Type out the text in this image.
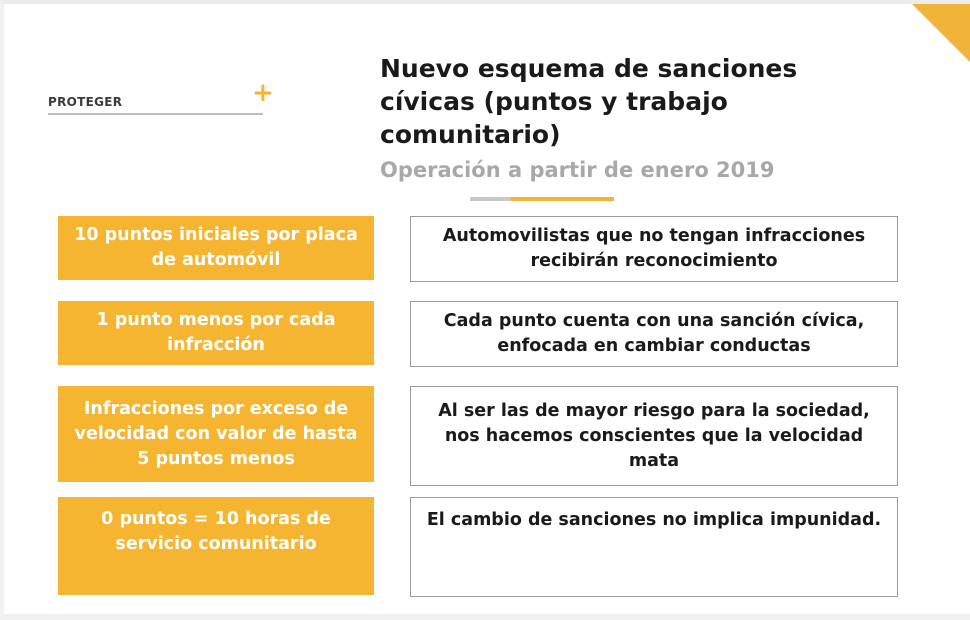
PROTEGER	+
Nuevo esquema de sanciones cívicas (puntos y trabajo comunitario)
Operación a partir de enero 2019
10 puntos iniciales por placa de automóvil
Automovilistas que no tengan infracciones recibirán reconocimiento
1 punto menos por cada infracción
Cada punto cuenta con una sanción cívica, enfocada en cambiar conductas
Infracciones por exceso de velocidad con valor de hasta 5 puntos menos
Al ser las de mayor riesgo para la sociedad, nos hacemos conscientes que la velocidad mata
0 puntos = 10 horas de servicio comunitario
El cambio de sanciones no implica impunidad.
